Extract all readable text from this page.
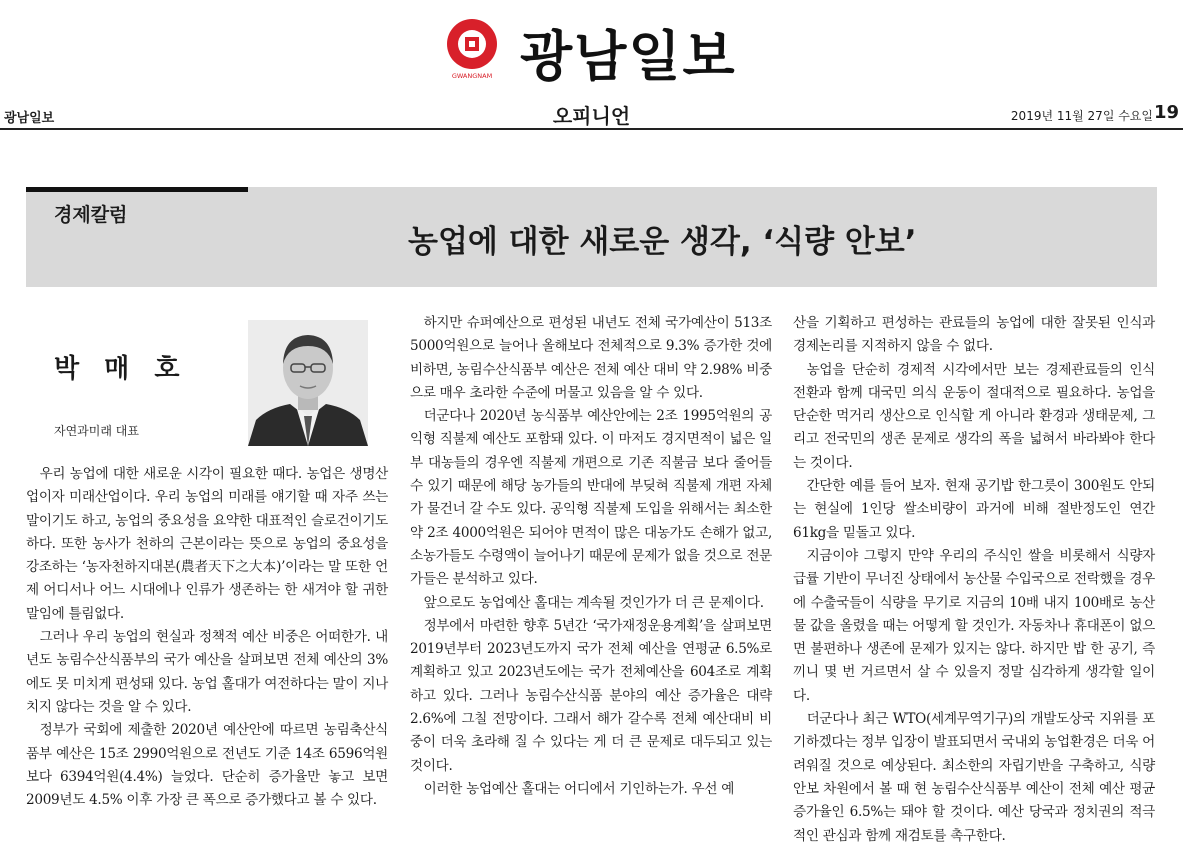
GWANGNAM 광남일보
광남일보	오피니언	2019년 11월 27일 수요일 19
경제칼럼
농업에 대한 새로운 생각, ‘식량 안보’
박 매 호
자연과미래 대표

우리 농업에 대한 새로운 시각이 필요한 때다. 농업은 생명산업이자 미래산업이다. 우리 농업의 미래를 얘기할 때 자주 쓰는 말이기도 하고, 농업의 중요성을 요약한 대표적인 슬로건이기도 하다. 또한 농사가 천하의 근본이라는 뜻으로 농업의 중요성을 강조하는 ‘농자천하지대본(農者天下之大本)’이라는 말 또한 언제 어디서나 어느 시대에나 인류가 생존하는 한 새겨야 할 귀한 말임에 틀림없다.

그러나 우리 농업의 현실과 정책적 예산 비중은 어떠한가. 내년도 농림수산식품부의 국가 예산을 살펴보면 전체 예산의 3%에도 못 미치게 편성돼 있다. 농업 홀대가 여전하다는 말이 지나치지 않다는 것을 알 수 있다.

정부가 국회에 제출한 2020년 예산안에 따르면 농림축산식품부 예산은 15조 2990억원으로 전년도 기준 14조 6596억원 보다 6394억원(4.4%) 늘었다. 단순히 증가율만 놓고 보면 2009년도 4.5% 이후 가장 큰 폭으로 증가했다고 볼 수 있다.

하지만 슈퍼예산으로 편성된 내년도 전체 국가예산이 513조 5000억원으로 늘어나 올해보다 전체적으로 9.3% 증가한 것에 비하면, 농림수산식품부 예산은 전체 예산 대비 약 2.98% 비중으로 매우 초라한 수준에 머물고 있음을 알 수 있다.

더군다나 2020년 농식품부 예산안에는 2조 1995억원의 공익형 직불제 예산도 포함돼 있다. 이 마저도 경지면적이 넓은 일부 대농들의 경우엔 직불제 개편으로 기존 직불금 보다 줄어들 수 있기 때문에 해당 농가들의 반대에 부딪혀 직불제 개편 자체가 물건너 갈 수도 있다. 공익형 직불제 도입을 위해서는 최소한 약 2조 4000억원은 되어야 면적이 많은 대농가도 손해가 없고, 소농가들도 수령액이 늘어나기 때문에 문제가 없을 것으로 전문가들은 분석하고 있다.

앞으로도 농업예산 홀대는 계속될 것인가가 더 큰 문제이다.

정부에서 마련한 향후 5년간 ‘국가재정운용계획’을 살펴보면 2019년부터 2023년도까지 국가 전체 예산을 연평균 6.5%로 계획하고 있고 2023년도에는 국가 전체예산을 604조로 계획하고 있다. 그러나 농림수산식품 분야의 예산 증가율은 대략 2.6%에 그칠 전망이다. 그래서 해가 갈수록 전체 예산대비 비중이 더욱 초라해 질 수 있다는 게 더 큰 문제로 대두되고 있는 것이다.

이러한 농업예산 홀대는 어디에서 기인하는가. 우선 예

산을 기획하고 편성하는 관료들의 농업에 대한 잘못된 인식과 경제논리를 지적하지 않을 수 없다.

농업을 단순히 경제적 시각에서만 보는 경제관료들의 인식 전환과 함께 대국민 의식 운동이 절대적으로 필요하다. 농업을 단순한 먹거리 생산으로 인식할 게 아니라 환경과 생태문제, 그리고 전국민의 생존 문제로 생각의 폭을 넓혀서 바라봐야 한다는 것이다.

간단한 예를 들어 보자. 현재 공기밥 한그릇이 300원도 안되는 현실에 1인당 쌀소비량이 과거에 비해 절반정도인 연간 61kg을 밑돌고 있다.

지금이야 그렇지 만약 우리의 주식인 쌀을 비롯해서 식량자급률 기반이 무너진 상태에서 농산물 수입국으로 전락했을 경우에 수출국들이 식량을 무기로 지금의 10배 내지 100배로 농산물 값을 올렸을 때는 어떻게 할 것인가. 자동차나 휴대폰이 없으면 불편하나 생존에 문제가 있지는 않다. 하지만 밥 한 공기, 즉 끼니 몇 번 거르면서 살 수 있을지 정말 심각하게 생각할 일이다.

더군다나 최근 WTO(세계무역기구)의 개발도상국 지위를 포기하겠다는 정부 입장이 발표되면서 국내외 농업환경은 더욱 어려워질 것으로 예상된다. 최소한의 자립기반을 구축하고, 식량안보 차원에서 볼 때 현 농림수산식품부 예산이 전체 예산 평균 증가율인 6.5%는 돼야 할 것이다. 예산 당국과 정치권의 적극적인 관심과 함께 재검토를 촉구한다.
